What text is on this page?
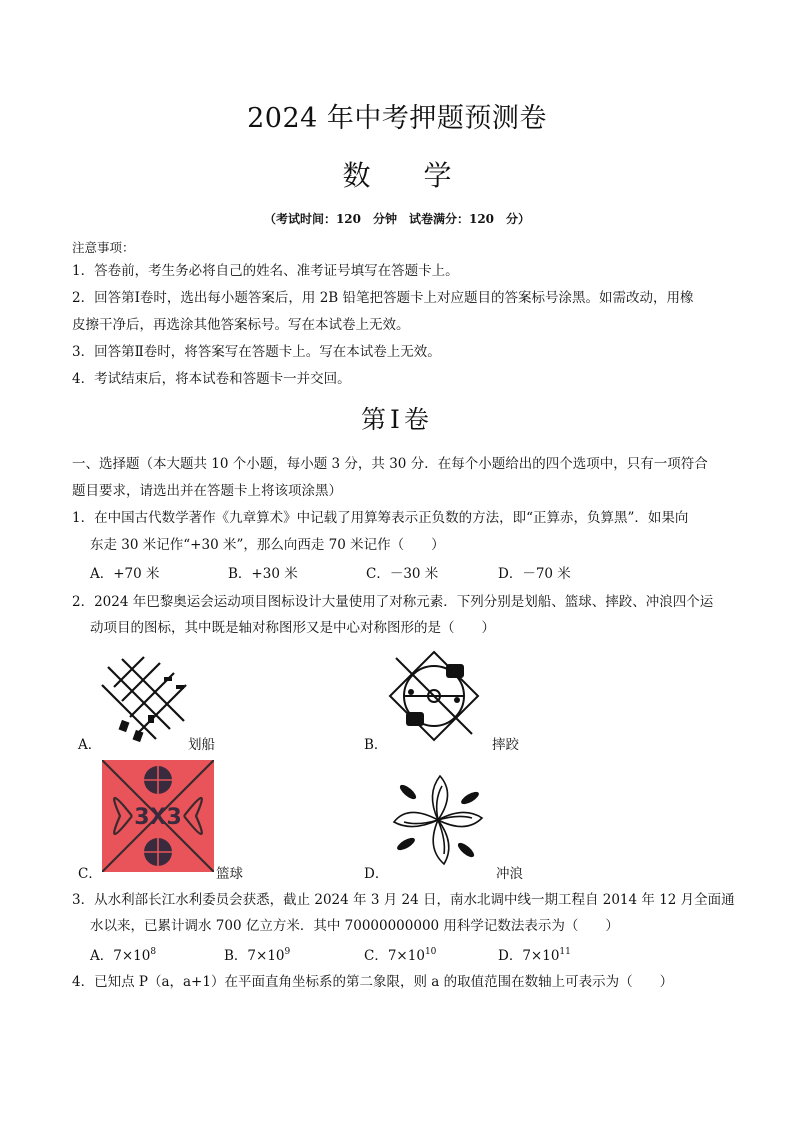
2024 年中考押题预测卷
数 学
（考试时间：120　分钟　试卷满分：120　分）
注意事项：
1．答卷前，考生务必将自己的姓名、准考证号填写在答题卡上。
2．回答第Ⅰ卷时，选出每小题答案后，用 2B 铅笔把答题卡上对应题目的答案标号涂黑。如需改动，用橡
皮擦干净后，再选涂其他答案标号。写在本试卷上无效。
3．回答第Ⅱ卷时，将答案写在答题卡上。写在本试卷上无效。
4．考试结束后，将本试卷和答题卡一并交回。
第Ⅰ卷
一、选择题（本大题共 10 个小题，每小题 3 分，共 30 分．在每个小题给出的四个选项中，只有一项符合
题目要求，请选出并在答题卡上将该项涂黑）
1．在中国古代数学著作《九章算术》中记载了用算筹表示正负数的方法，即“正算赤，负算黑”．如果向
东走 30 米记作“+30 米”，那么向西走 70 米记作（　　）
A．+70 米	B．+30 米	C．－30 米	D．－70 米
2．2024 年巴黎奥运会运动项目图标设计大量使用了对称元素．下列分别是划船、篮球、摔跤、冲浪四个运
动项目的图标，其中既是轴对称图形又是中心对称图形的是（　　）
A．	划船	B．	摔跤
3X3
C．	篮球	D．	冲浪
3．从水利部长江水利委员会获悉，截止 2024 年 3 月 24 日，南水北调中线一期工程自 2014 年 12 月全面通
水以来，已累计调水 700 亿立方米．其中 70000000000 用科学记数法表示为（　　）
A．$7\times 10^8$	B．$7\times 10^9$	C．$7\times 10^{10}$	D．$7\times 10^{11}$
4．已知点 P（a，a+1）在平面直角坐标系的第二象限，则 a 的取值范围在数轴上可表示为（　　）
